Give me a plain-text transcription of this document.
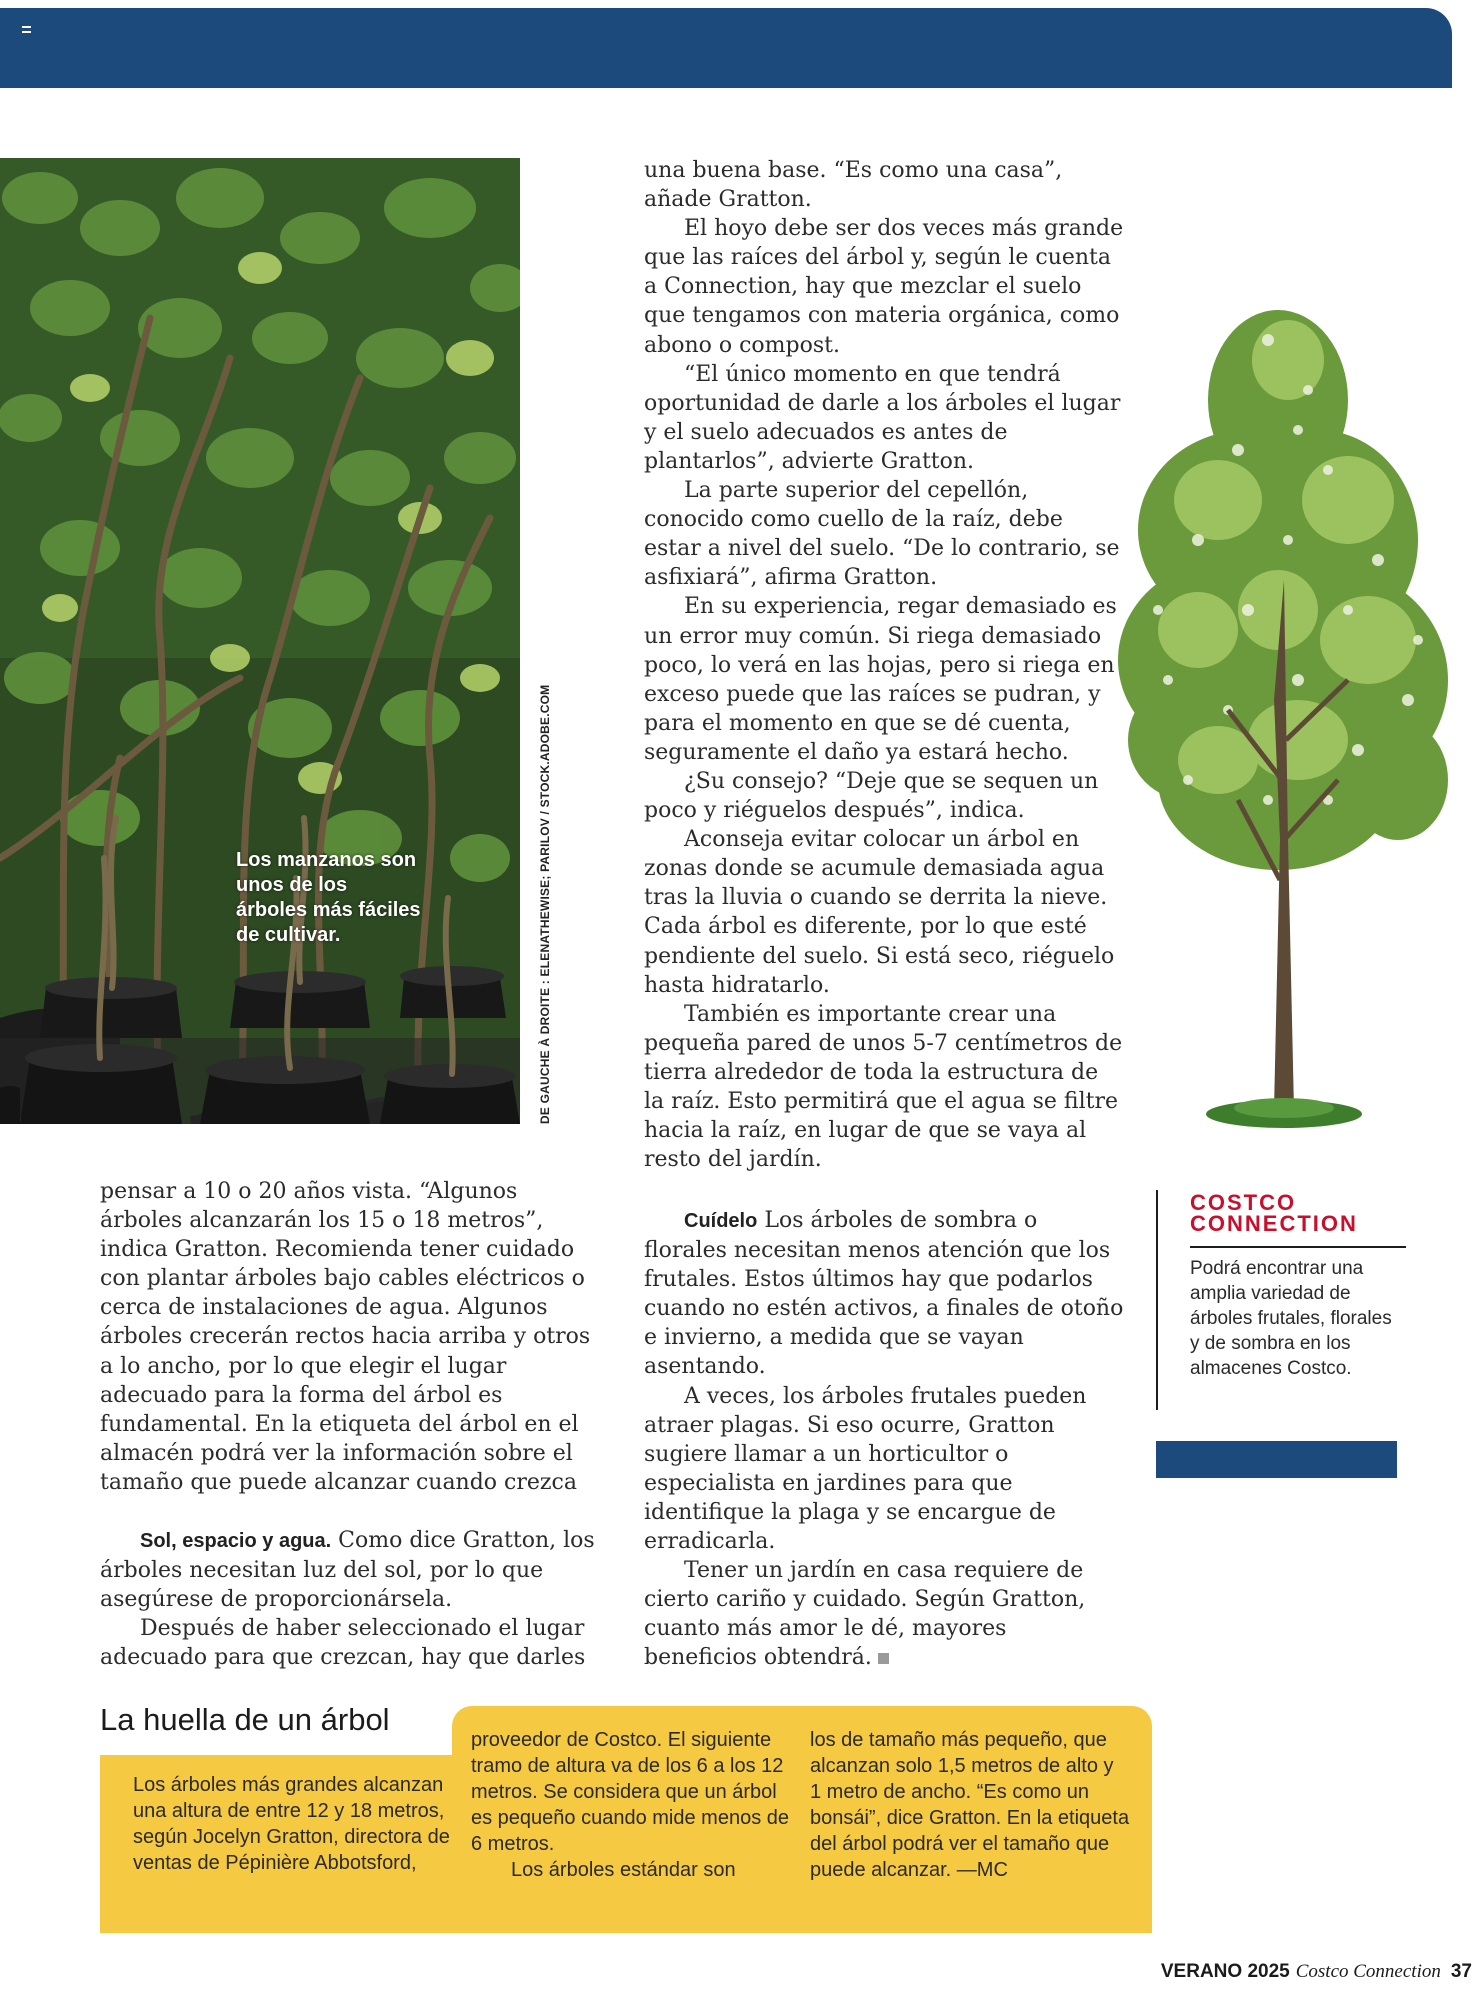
Los manzanos son
unos de los
árboles más fáciles
de cultivar.	DE GAUCHE À DROITE : ELENATHEWISE; PARILOV / STOCK.ADOBE.COM

una buena base. “Es como una casa”, añade Gratton.

El hoyo debe ser dos veces más grande que las raíces del árbol y, según le cuenta a Connection, hay que mezclar el suelo que tengamos con materia orgánica, como abono o compost.

“El único momento en que tendrá oportunidad de darle a los árboles el lugar y el suelo adecuados es antes de plantarlos”, advierte Gratton.

La parte superior del cepellón, conocido como cuello de la raíz, debe estar a nivel del suelo. “De lo contrario, se asfixiará”, afirma Gratton.

En su experiencia, regar demasiado es un error muy común. Si riega demasiado poco, lo verá en las hojas, pero si riega en exceso puede que las raíces se pudran, y para el momento en que se dé cuenta, seguramente el daño ya estará hecho.

¿Su consejo? “Deje que se sequen un poco y riéguelos después”, indica.

Aconseja evitar colocar un árbol en zonas donde se acumule demasiada agua tras la lluvia o cuando se derrita la nieve. Cada árbol es diferente, por lo que esté pendiente del suelo. Si está seco, riéguelo hasta hidratarlo.

También es importante crear una pequeña pared de unos 5-7 centímetros de tierra alrededor de toda la estructura de la raíz. Esto permitirá que el agua se filtre hacia la raíz, en lugar de que se vaya al resto del jardín.

pensar a 10 o 20 años vista. “Algunos árboles alcanzarán los 15 o 18 metros”, indica Gratton. Recomienda tener cuidado con plantar árboles bajo cables eléctricos o cerca de instalaciones de agua. Algunos árboles crecerán rectos hacia arriba y otros a lo ancho, por lo que elegir el lugar adecuado para la forma del árbol es fundamental. En la etiqueta del árbol en el almacén podrá ver la información sobre el tamaño que puede alcanzar cuando crezca

Sol, espacio y agua. Como dice Gratton, los árboles necesitan luz del sol, por lo que asegúrese de proporcionársela.

Después de haber seleccionado el lugar adecuado para que crezcan, hay que darles

Cuídelo Los árboles de sombra o florales necesitan menos atención que los frutales. Estos últimos hay que podarlos cuando no estén activos, a finales de otoño e invierno, a medida que se vayan asentando.

A veces, los árboles frutales pueden atraer plagas. Si eso ocurre, Gratton sugiere llamar a un horticultor o especialista en jardines para que identifique la plaga y se encargue de erradicarla.

Tener un jardín en casa requiere de cierto cariño y cuidado. Según Gratton, cuanto más amor le dé, mayores beneficios obtendrá.

COSTCO CONNECTION
Podrá encontrar una amplia variedad de árboles frutales, florales y de sombra en los almacenes Costco.
La huella de un árbol
Los árboles más grandes alcanzan una altura de entre 12 y 18 metros, según Jocelyn Gratton, directora de ventas de Pépinière Abbotsford,

proveedor de Costco. El siguiente tramo de altura va de los 6 a los 12 metros. Se considera que un árbol es pequeño cuando mide menos de 6 metros.

Los árboles estándar son

los de tamaño más pequeño, que alcanzan solo 1,5 metros de alto y 1 metro de ancho. “Es como un bonsái”, dice Gratton. En la etiqueta del árbol podrá ver el tamaño que puede alcanzar. —MC
VERANO 2025 Costco Connection 37
